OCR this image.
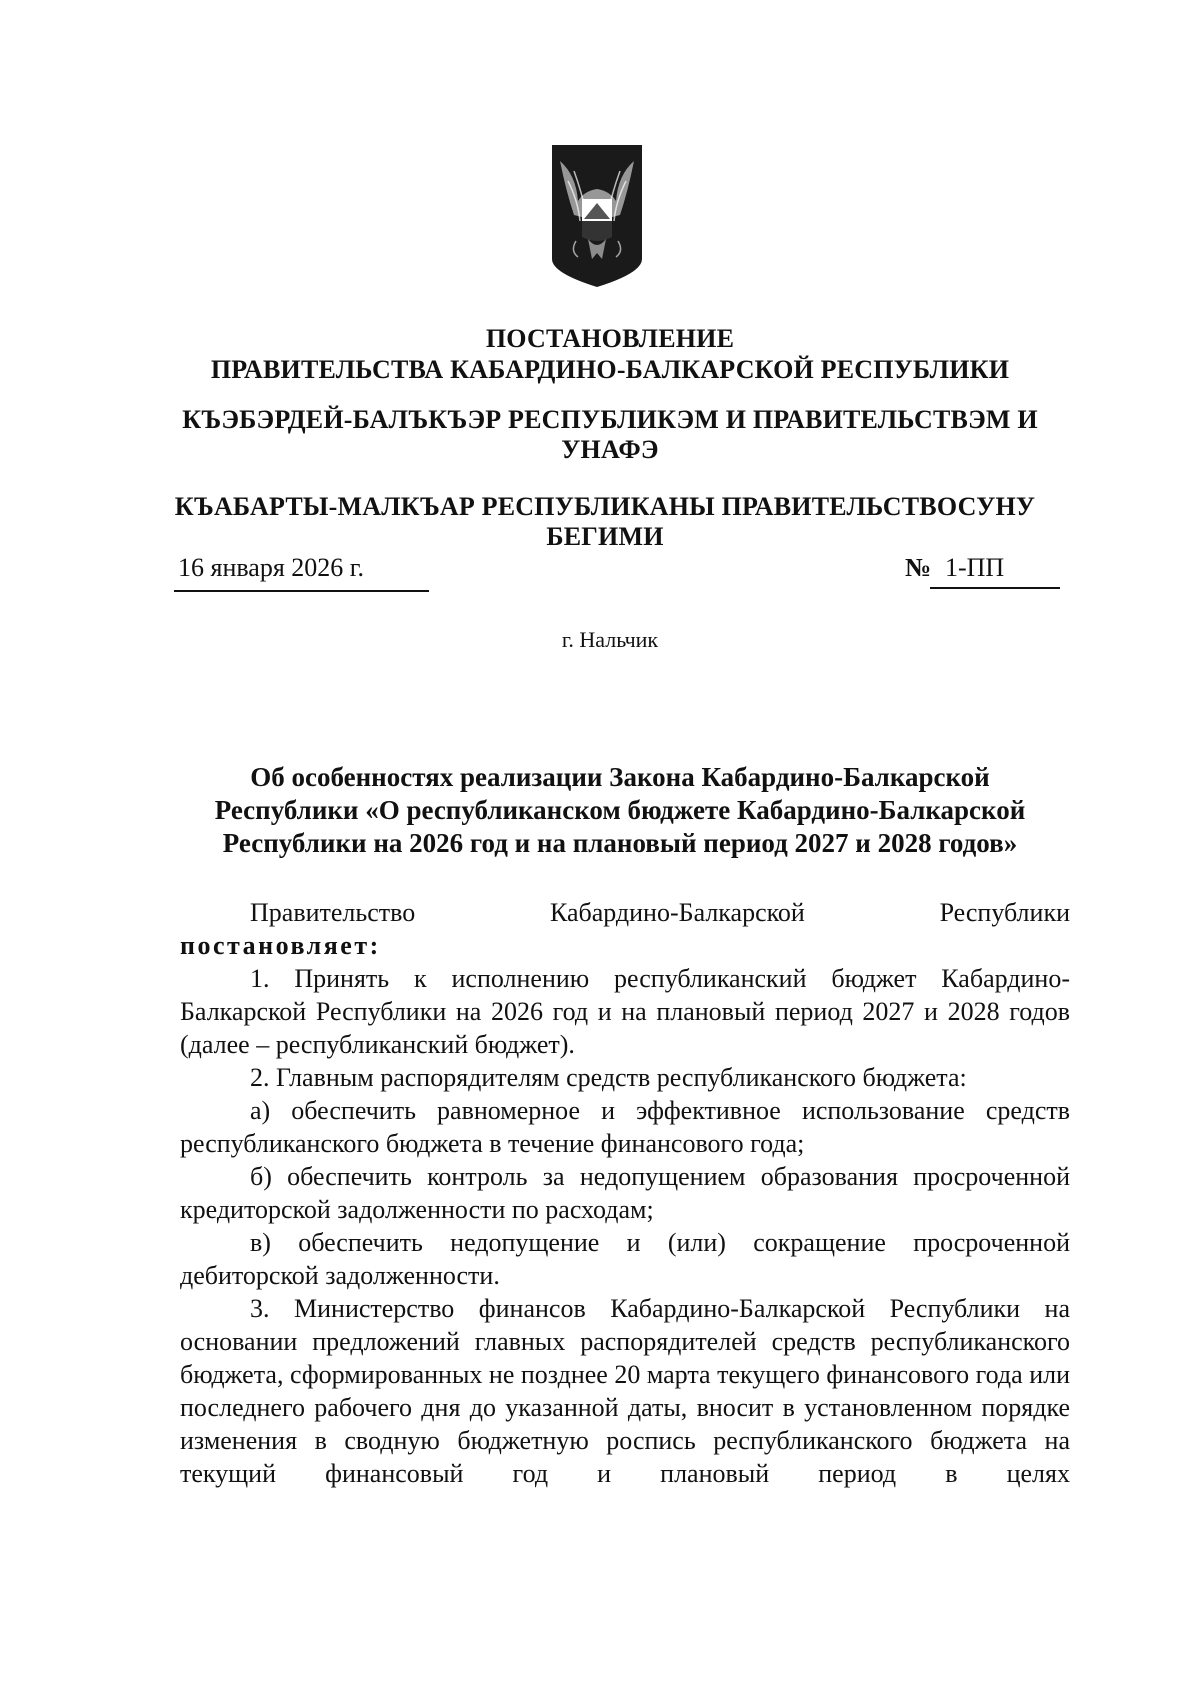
ПОСТАНОВЛЕНИЕ
ПРАВИТЕЛЬСТВА КАБАРДИНО-БАЛКАРСКОЙ РЕСПУБЛИКИ
КЪЭБЭРДЕЙ-БАЛЪКЪЭР РЕСПУБЛИКЭМ И ПРАВИТЕЛЬСТВЭМ И УНАФЭ
КЪАБАРТЫ-МАЛКЪАР РЕСПУБЛИКАНЫ ПРАВИТЕЛЬСТВОСУНУ БЕГИМИ
16 января 2026 г.	№ 1-ПП
г. Нальчик
Об особенностях реализации Закона Кабардино-Балкарской Республики «О республиканском бюджете Кабардино-Балкарской Республики на 2026 год и на плановый период 2027 и 2028 годов»
Правительство	Кабардино-Балкарской	Республики
постановляет:

1. Принять к исполнению республиканский бюджет Кабардино-Балкарской Республики на 2026 год и на плановый период 2027 и 2028 годов (далее – республиканский бюджет).

2. Главным распорядителям средств республиканского бюджета:

а) обеспечить равномерное и эффективное использование средств республиканского бюджета в течение финансового года;

б) обеспечить контроль за недопущением образования просроченной кредиторской задолженности по расходам;

в) обеспечить недопущение и (или) сокращение просроченной дебиторской задолженности.

3. Министерство финансов Кабардино-Балкарской Республики на основании предложений главных распорядителей средств республиканского бюджета, сформированных не позднее 20 марта текущего финансового года или последнего рабочего дня до указанной даты, вносит в установленном порядке изменения в сводную бюджетную роспись республиканского бюджета на текущий финансовый год и плановый период в целях
